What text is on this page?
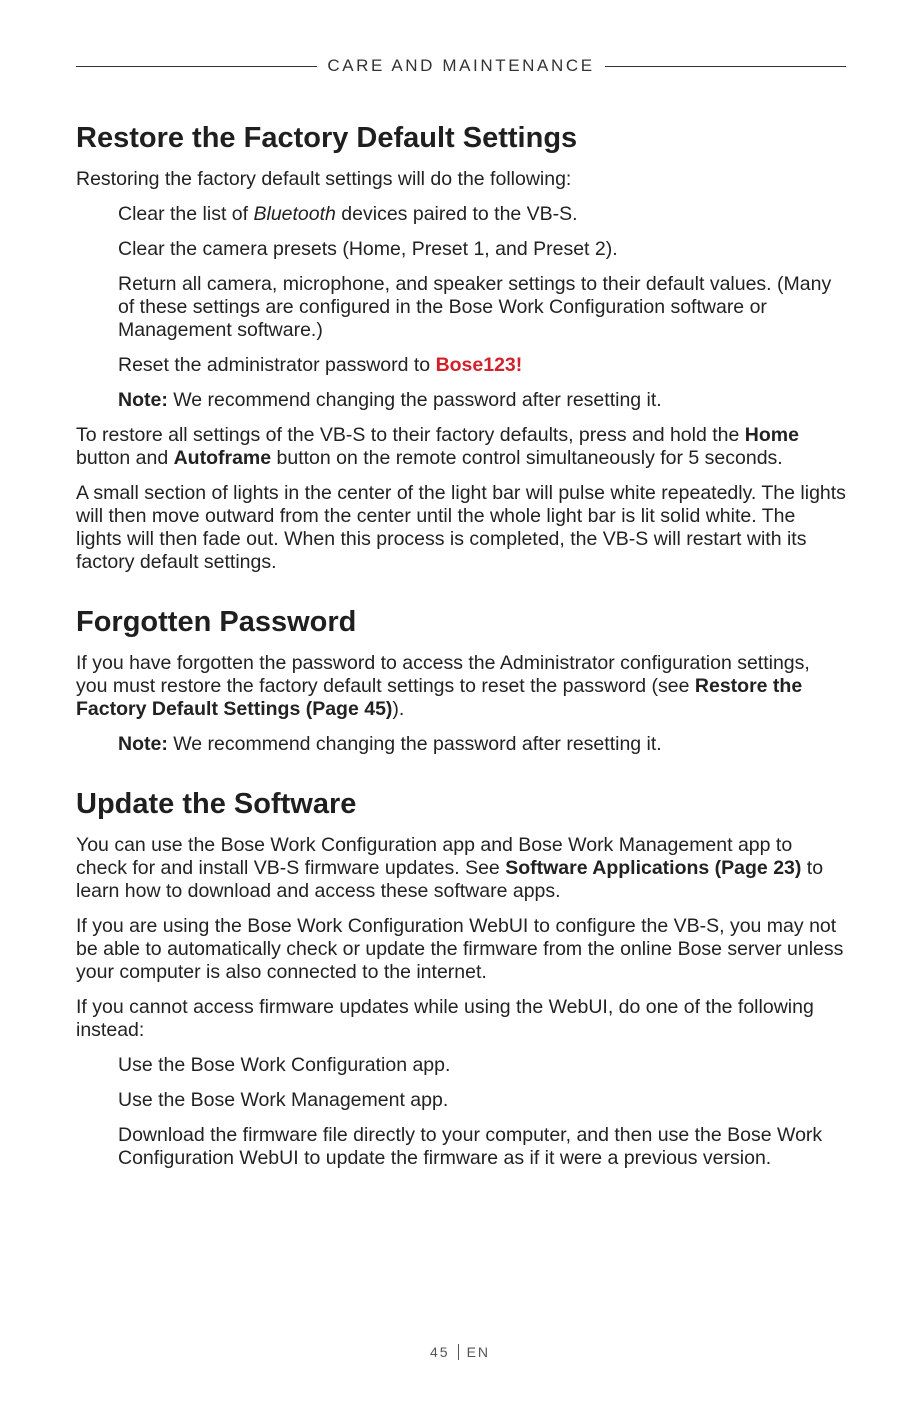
CARE AND MAINTENANCE
Restore the Factory Default Settings

Restoring the factory default settings will do the following:

Clear the list of Bluetooth devices paired to the VB-S.

Clear the camera presets (Home, Preset 1, and Preset 2).

Return all camera, microphone, and speaker settings to their default values. (Many of these settings are configured in the Bose Work Configuration software or Management software.)

Reset the administrator password to Bose123!

Note: We recommend changing the password after resetting it.

To restore all settings of the VB-S to their factory defaults, press and hold the Home button and Autoframe button on the remote control simultaneously for 5 seconds.

A small section of lights in the center of the light bar will pulse white repeatedly. The lights will then move outward from the center until the whole light bar is lit solid white. The lights will then fade out. When this process is completed, the VB-S will restart with its factory default settings.

Forgotten Password

If you have forgotten the password to access the Administrator configuration settings, you must restore the factory default settings to reset the password (see Restore the Factory Default Settings (Page 45)).

Note: We recommend changing the password after resetting it.

Update the Software

You can use the Bose Work Configuration app and Bose Work Management app to check for and install VB-S firmware updates. See Software Applications (Page 23) to learn how to download and access these software apps.

If you are using the Bose Work Configuration WebUI to configure the VB-S, you may not be able to automatically check or update the firmware from the online Bose server unless your computer is also connected to the internet.

If you cannot access firmware updates while using the WebUI, do one of the following instead:

Use the Bose Work Configuration app.

Use the Bose Work Management app.

Download the firmware file directly to your computer, and then use the Bose Work Configuration WebUI to update the firmware as if it were a previous version.

45 EN
